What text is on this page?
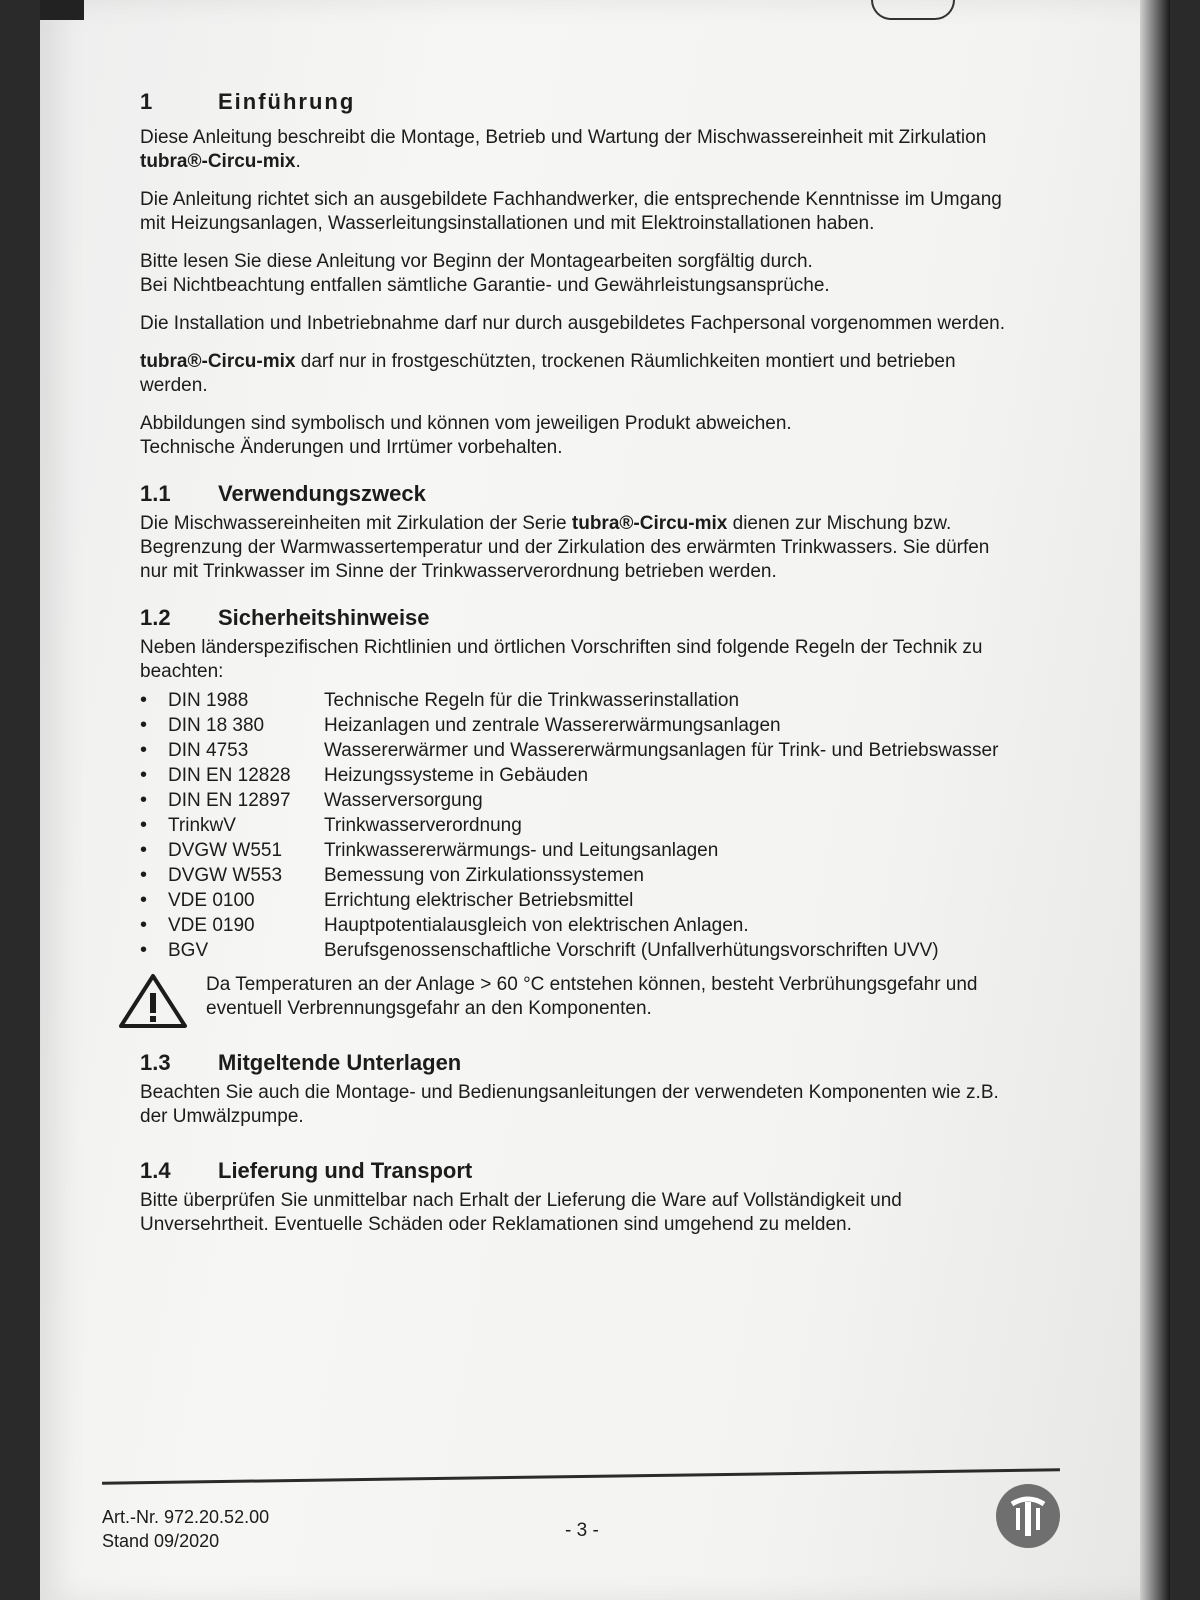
1	Einführung

Diese Anleitung beschreibt die Montage, Betrieb und Wartung der Mischwassereinheit mit Zirkulation tubra®-Circu-mix.

Die Anleitung richtet sich an ausgebildete Fachhandwerker, die entsprechende Kenntnisse im Umgang mit Heizungsanlagen, Wasserleitungsinstallationen und mit Elektroinstallationen haben.

Bitte lesen Sie diese Anleitung vor Beginn der Montagearbeiten sorgfältig durch.
Bei Nichtbeachtung entfallen sämtliche Garantie- und Gewährleistungsansprüche.

Die Installation und Inbetriebnahme darf nur durch ausgebildetes Fachpersonal vorgenommen werden.

tubra®-Circu-mix darf nur in frostgeschützten, trockenen Räumlichkeiten montiert und betrieben werden.

Abbildungen sind symbolisch und können vom jeweiligen Produkt abweichen.
Technische Änderungen und Irrtümer vorbehalten.

1.1	Verwendungszweck

Die Mischwassereinheiten mit Zirkulation der Serie tubra®-Circu-mix dienen zur Mischung bzw. Begrenzung der Warmwassertemperatur und der Zirkulation des erwärmten Trinkwassers. Sie dürfen nur mit Trinkwasser im Sinne der Trinkwasserverordnung betrieben werden.

1.2	Sicherheitshinweise

Neben länderspezifischen Richtlinien und örtlichen Vorschriften sind folgende Regeln der Technik zu beachten:

•	DIN 1988	Technische Regeln für die Trinkwasserinstallation
•	DIN 18 380	Heizanlagen und zentrale Wassererwärmungsanlagen
•	DIN 4753	Wassererwärmer und Wassererwärmungsanlagen für Trink- und Betriebswasser
•	DIN EN 12828	Heizungssysteme in Gebäuden
•	DIN EN 12897	Wasserversorgung
•	TrinkwV	Trinkwasserverordnung
•	DVGW W551	Trinkwassererwärmungs- und Leitungsanlagen
•	DVGW W553	Bemessung von Zirkulationssystemen
•	VDE 0100	Errichtung elektrischer Betriebsmittel
•	VDE 0190	Hauptpotentialausgleich von elektrischen Anlagen.
•	BGV	Berufsgenossenschaftliche Vorschrift (Unfallverhütungsvorschriften UVV)
Da Temperaturen an der Anlage > 60 °C entstehen können, besteht Verbrühungsgefahr und eventuell Verbrennungsgefahr an den Komponenten.
1.3	Mitgeltende Unterlagen

Beachten Sie auch die Montage- und Bedienungsanleitungen der verwendeten Komponenten wie z.B. der Umwälzpumpe.

1.4	Lieferung und Transport

Bitte überprüfen Sie unmittelbar nach Erhalt der Lieferung die Ware auf Vollständigkeit und Unversehrtheit. Eventuelle Schäden oder Reklamationen sind umgehend zu melden.

Art.-Nr. 972.20.52.00
Stand 09/2020	- 3 -
